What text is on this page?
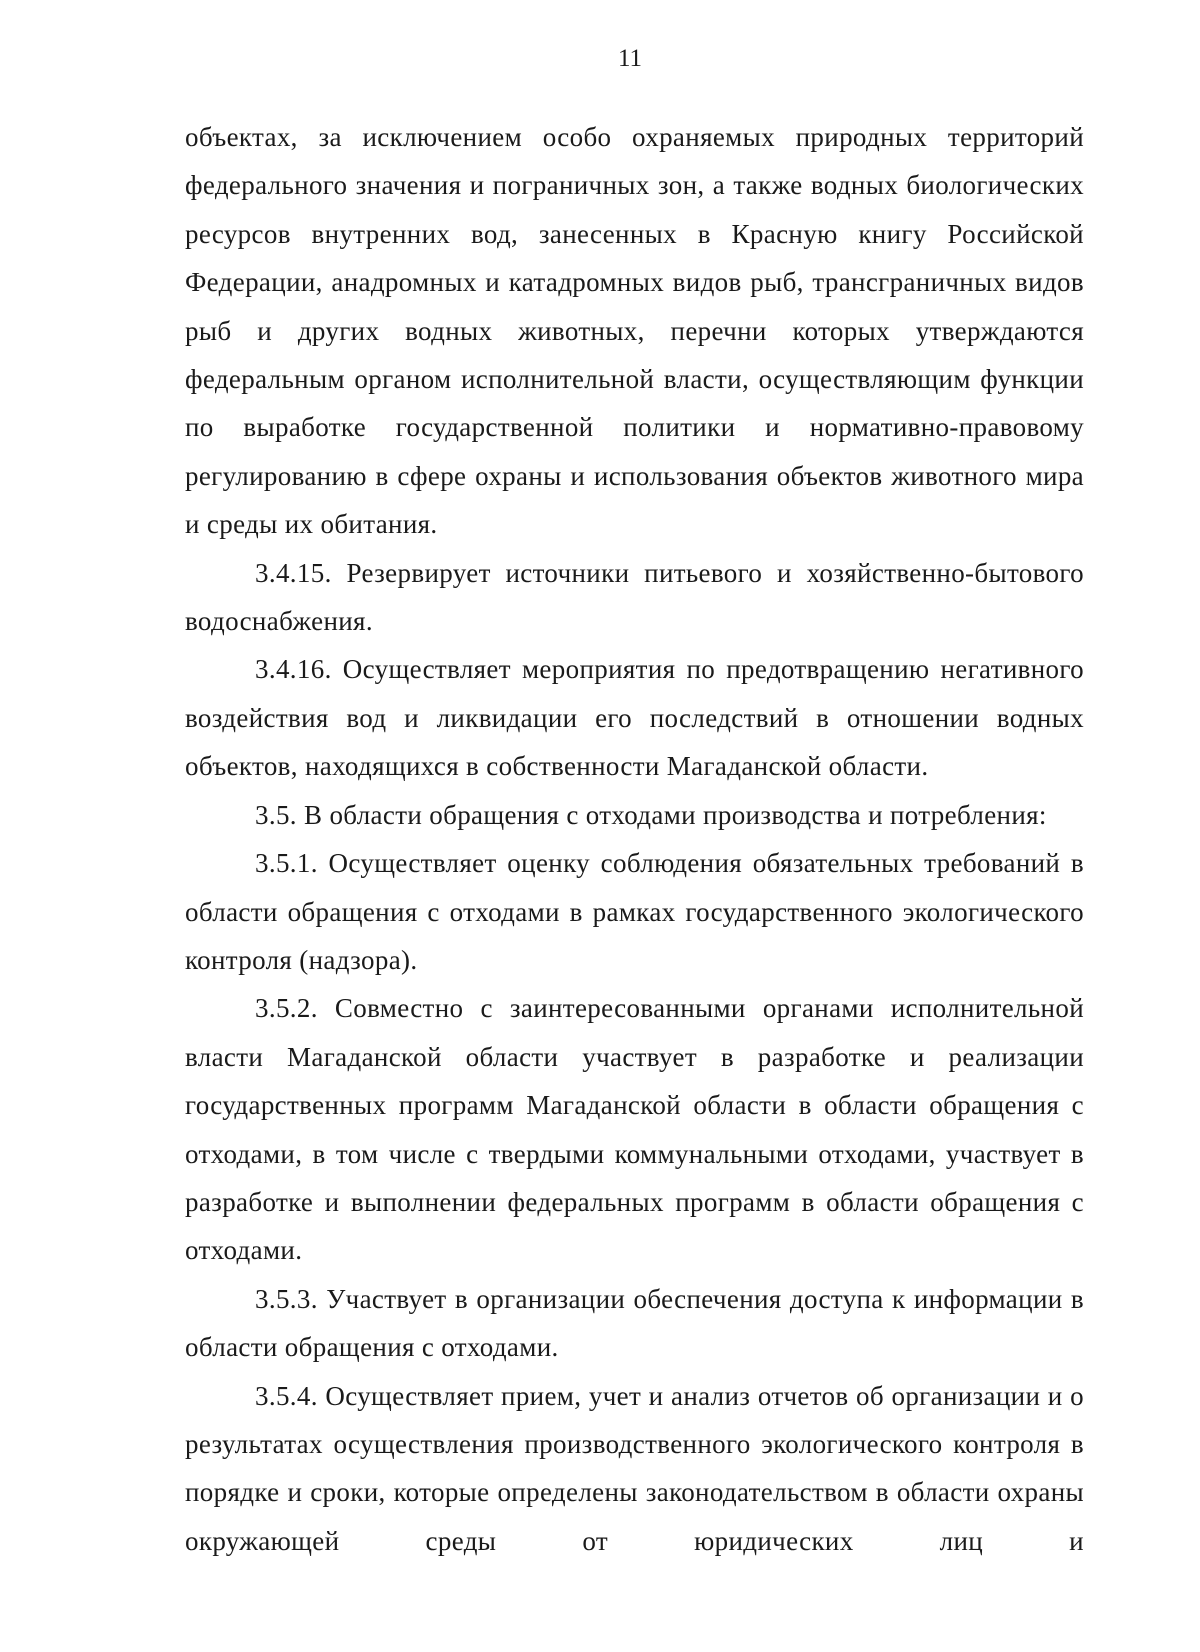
11

объектах, за исключением особо охраняемых природных территорий федерального значения и пограничных зон, а также водных биологических ресурсов внутренних вод, занесенных в Красную книгу Российской Федерации, анадромных и катадромных видов рыб, трансграничных видов рыб и других водных животных, перечни которых утверждаются федеральным органом исполнительной власти, осуществляющим функции по выработке государственной политики и нормативно-правовому регулированию в сфере охраны и использования объектов животного мира и среды их обитания.

3.4.15. Резервирует источники питьевого и хозяйственно-бытового водоснабжения.

3.4.16. Осуществляет мероприятия по предотвращению негативного воздействия вод и ликвидации его последствий в отношении водных объектов, находящихся в собственности Магаданской области.

3.5. В области обращения с отходами производства и потребления:

3.5.1. Осуществляет оценку соблюдения обязательных требований в области обращения с отходами в рамках государственного экологического контроля (надзора).

3.5.2. Совместно с заинтересованными органами исполнительной власти Магаданской области участвует в разработке и реализации государственных программ Магаданской области в области обращения с отходами, в том числе с твердыми коммунальными отходами, участвует в разработке и выполнении федеральных программ в области обращения с отходами.

3.5.3. Участвует в организации обеспечения доступа к информации в области обращения с отходами.

3.5.4. Осуществляет прием, учет и анализ отчетов об организации и о результатах осуществления производственного экологического контроля в порядке и сроки, которые определены законодательством в области охраны окружающей среды от юридических лиц и
